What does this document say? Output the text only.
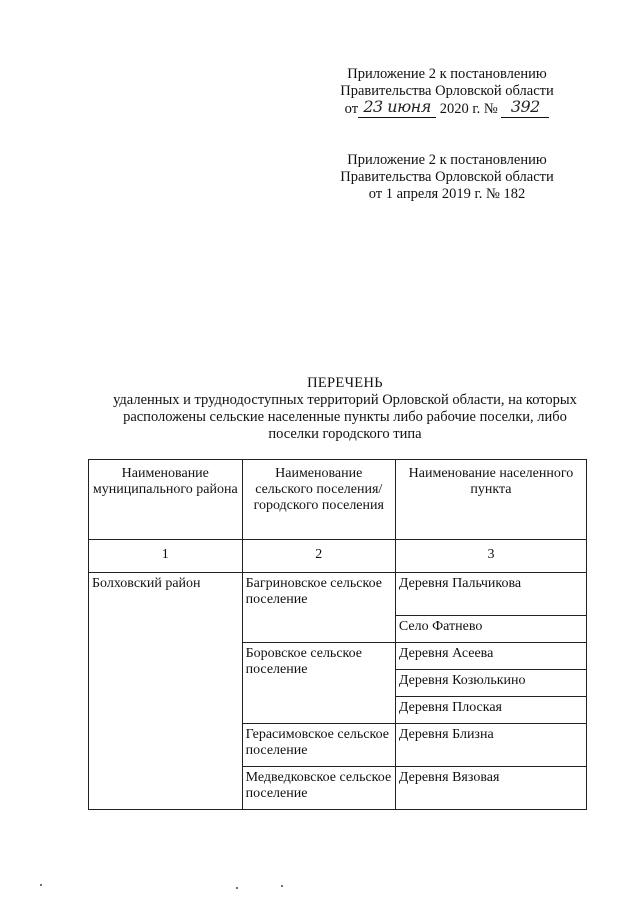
Приложение 2 к постановлению
Правительства Орловской области
от 23 июня 2020 г. № 392
Приложение 2 к постановлению
Правительства Орловской области
от 1 апреля 2019 г. № 182
ПЕРЕЧЕНЬ
удаленных и труднодоступных территорий Орловской области, на которых
расположены сельские населенные пункты либо рабочие поселки, либо
поселки городского типа
Наименование муниципального района	Наименование сельского поселения/городского поселения	Наименование населенного пункта
1	2	3
Болховский район	Багриновское сельское поселение	Деревня Пальчикова
		Село Фатнево
	Боровское сельское поселение	Деревня Асеева
		Деревня Козюлькино
		Деревня Плоская
	Герасимовское сельское поселение	Деревня Близна
	Медведковское сельское поселение	Деревня Вязовая
